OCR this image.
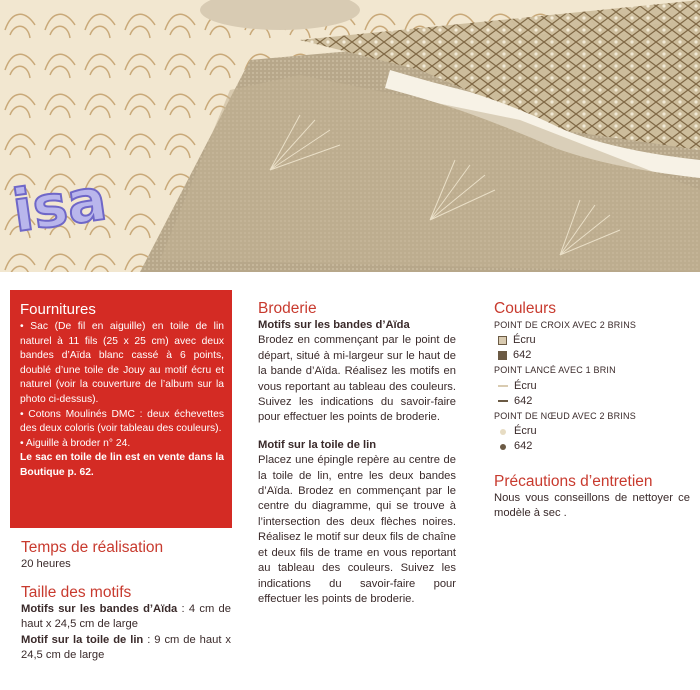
isa
Fournitures

• Sac (De fil en aiguille) en toile de lin naturel à 11 fils (25 x 25 cm) avec deux bandes d’Aïda blanc cassé à 6 points, doublé d’une toile de Jouy au motif écru et naturel (voir la couverture de l’album sur la photo ci-dessus).

• Cotons Moulinés DMC : deux échevettes des deux coloris (voir tableau des couleurs).

• Aiguille à broder n° 24.

Le sac en toile de lin est en vente dans la Boutique p. 62.

Temps de réalisation
20 heures
Taille des motifs
Motifs sur les bandes d’Aïda : 4 cm de haut x 24,5 cm de large
Motif sur la toile de lin : 9 cm de haut x 24,5 cm de large
Broderie
Motifs sur les bandes d’Aïda
Brodez en commençant par le point de départ, situé à mi-largeur sur le haut de la bande d’Aïda. Réalisez les motifs en vous reportant au tableau des couleurs. Suivez les indications du savoir-faire pour effectuer les points de broderie.
Motif sur la toile de lin
Placez une épingle repère au centre de la toile de lin, entre les deux bandes d’Aïda. Brodez en commençant par le centre du diagramme, qui se trouve à l’intersection des deux flèches noires. Réalisez le motif sur deux fils de chaîne et deux fils de trame en vous reportant au tableau des couleurs. Suivez les indications du savoir-faire pour effectuer les points de broderie.
Couleurs
POINT DE CROIX AVEC 2 BRINS
Écru
642
POINT LANCÉ AVEC 1 BRIN
Écru
642
POINT DE NŒUD AVEC 2 BRINS
Écru
642
Précautions d’entretien
Nous vous conseillons de nettoyer ce modèle à sec .
